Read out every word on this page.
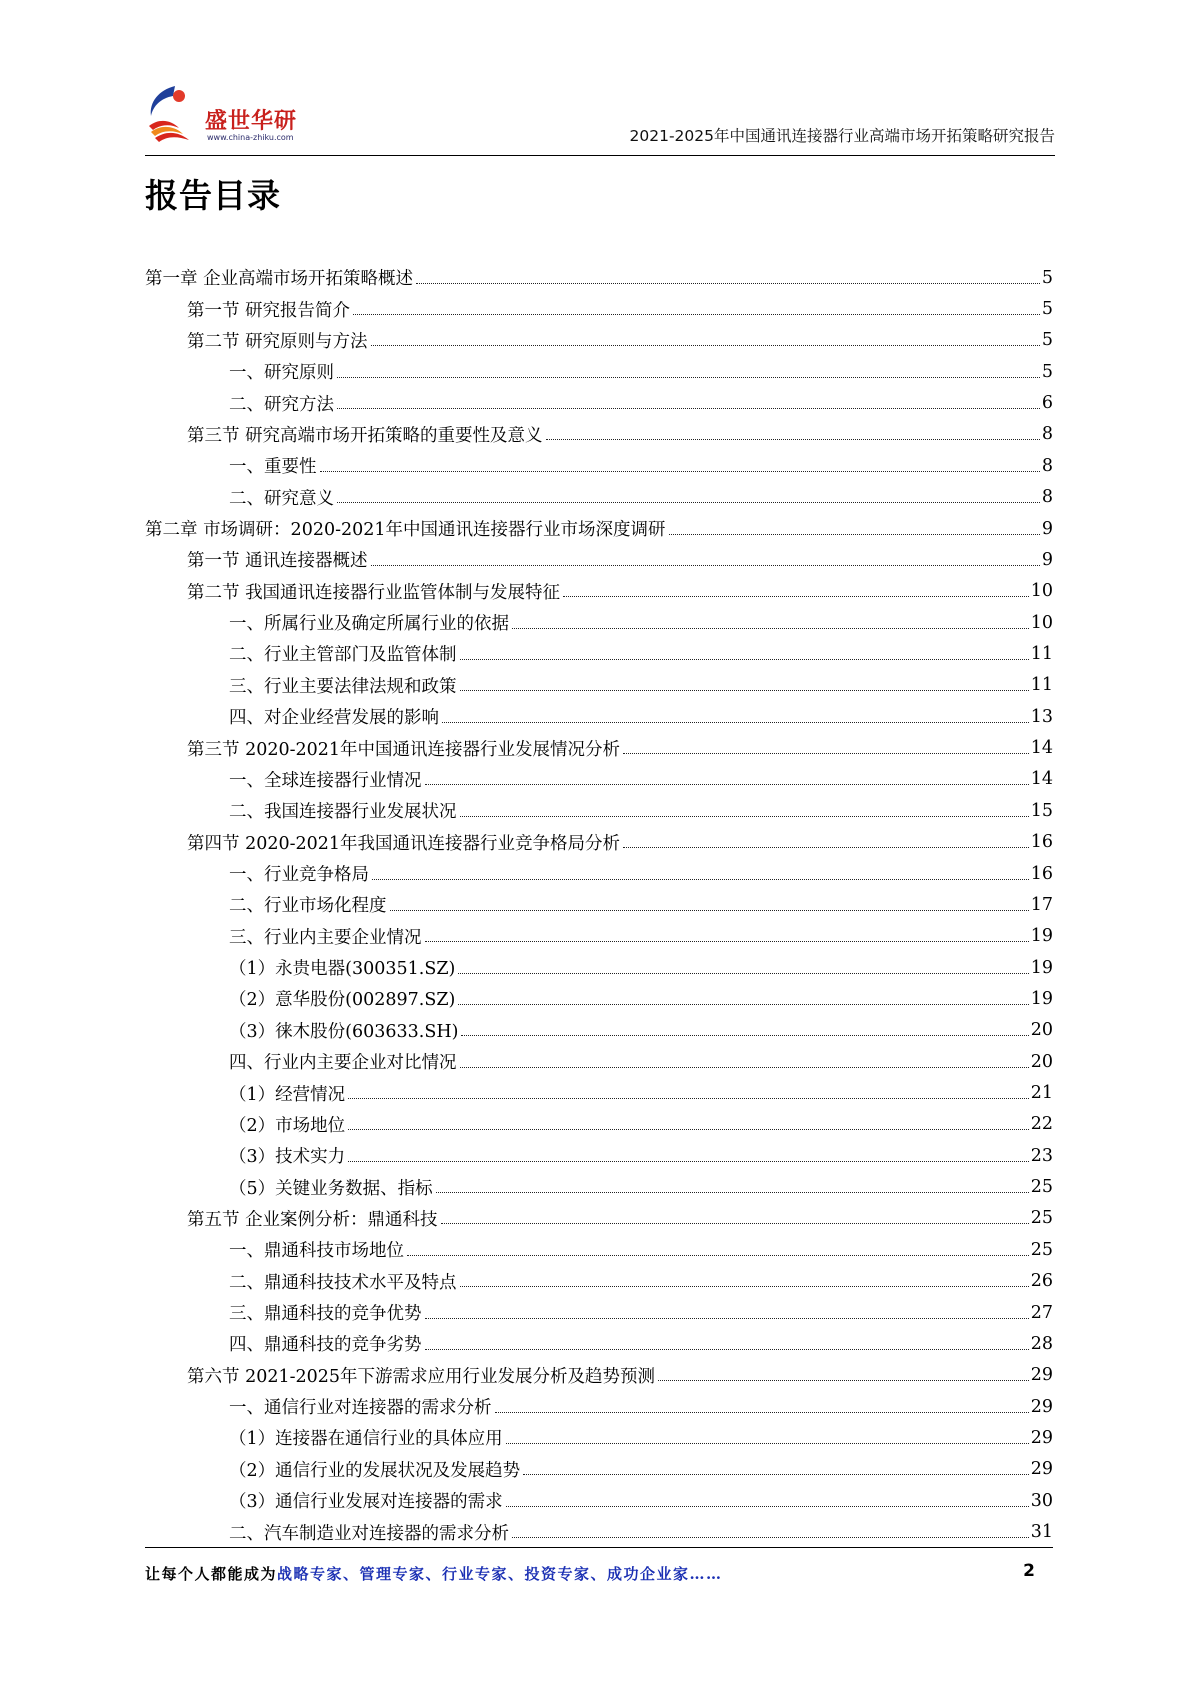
盛世华研
www.china-zhiku.com	2021-2025年中国通讯连接器行业高端市场开拓策略研究报告
报告目录
第一章 企业高端市场开拓策略概述	5
第一节 研究报告简介	5
第二节 研究原则与方法	5
一、研究原则	5
二、研究方法	6
第三节 研究高端市场开拓策略的重要性及意义	8
一、重要性	8
二、研究意义	8
第二章 市场调研：2020-2021年中国通讯连接器行业市场深度调研	9
第一节 通讯连接器概述	9
第二节 我国通讯连接器行业监管体制与发展特征	10
一、所属行业及确定所属行业的依据	10
二、行业主管部门及监管体制	11
三、行业主要法律法规和政策	11
四、对企业经营发展的影响	13
第三节 2020-2021年中国通讯连接器行业发展情况分析	14
一、全球连接器行业情况	14
二、我国连接器行业发展状况	15
第四节 2020-2021年我国通讯连接器行业竞争格局分析	16
一、行业竞争格局	16
二、行业市场化程度	17
三、行业内主要企业情况	19
（1）永贵电器(300351.SZ)	19
（2）意华股份(002897.SZ)	19
（3）徕木股份(603633.SH)	20
四、行业内主要企业对比情况	20
（1）经营情况	21
（2）市场地位	22
（3）技术实力	23
（5）关键业务数据、指标	25
第五节 企业案例分析：鼎通科技	25
一、鼎通科技市场地位	25
二、鼎通科技技术水平及特点	26
三、鼎通科技的竞争优势	27
四、鼎通科技的竞争劣势	28
第六节 2021-2025年下游需求应用行业发展分析及趋势预测	29
一、通信行业对连接器的需求分析	29
（1）连接器在通信行业的具体应用	29
（2）通信行业的发展状况及发展趋势	29
（3）通信行业发展对连接器的需求	30
二、汽车制造业对连接器的需求分析	31
让每个人都能成为战略专家、管理专家、行业专家、投资专家、成功企业家……	2
